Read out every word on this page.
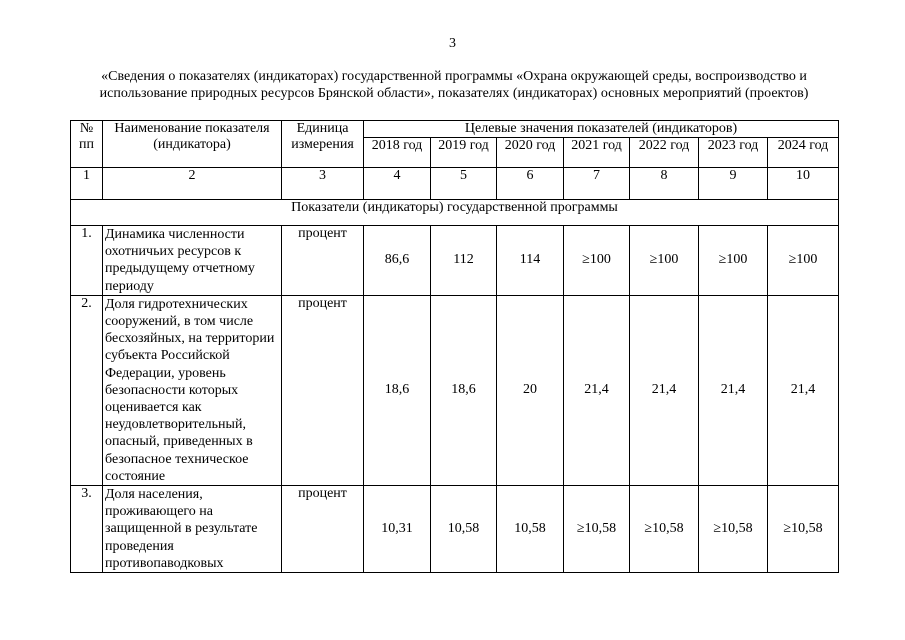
3
«Сведения о показателях (индикаторах) государственной программы «Охрана окружающей среды, воспроизводство и использование природных ресурсов Брянской области», показателях (индикаторах) основных мероприятий (проектов)
№ пп	Наименование показателя (индикатора)	Единица измерения	Целевые значения показателей (индикаторов)						
			2018 год	2019 год	2020 год	2021 год	2022 год	2023 год	2024 год
1	2	3	4	5	6	7	8	9	10
Показатели (индикаторы) государственной программы									
1.	Динамика численности охотничьих ресурсов к предыдущему отчетному периоду	процент	86,6	112	114	≥100	≥100	≥100	≥100
2.	Доля гидротехнических сооружений, в том числе бесхозяйных, на территории субъекта Российской Федерации, уровень безопасности которых оценивается как неудовлетворительный, опасный, приведенных в безопасное техническое состояние	процент	18,6	18,6	20	21,4	21,4	21,4	21,4
3.	Доля населения, проживающего на защищенной в результате проведения противопаводковых	процент	10,31	10,58	10,58	≥10,58	≥10,58	≥10,58	≥10,58
